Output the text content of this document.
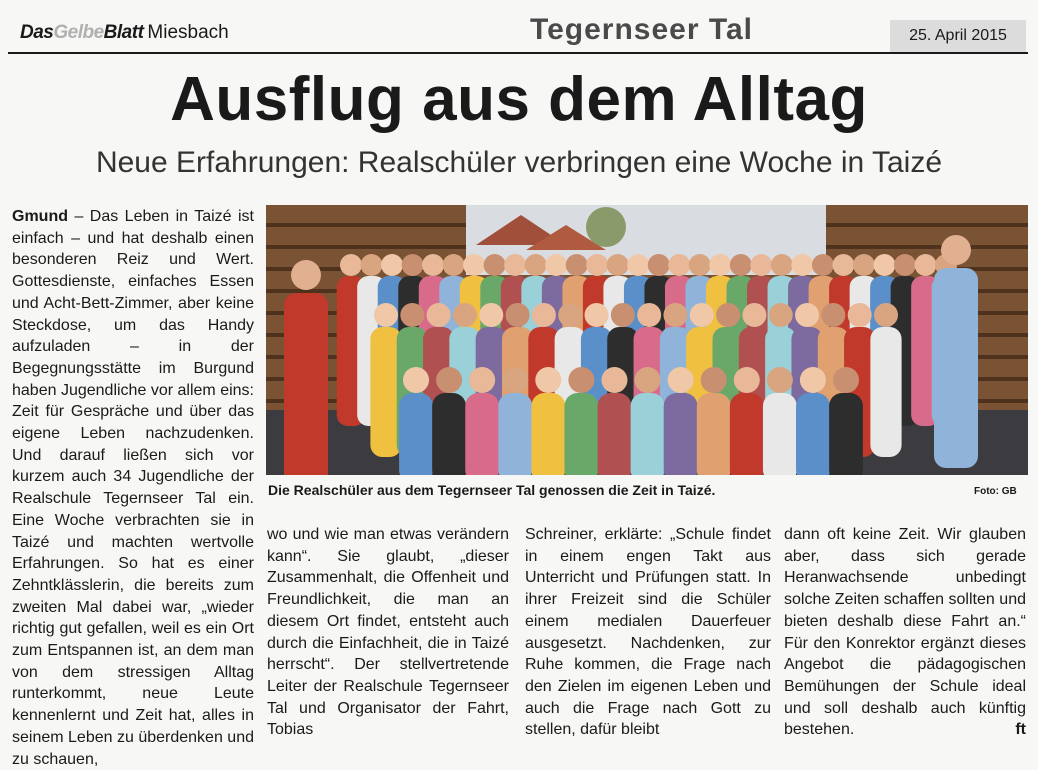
DasGelbeBlatt Miesbach	Tegernseer Tal	25. April 2015
Ausflug aus dem Alltag
Neue Erfahrungen: Realschüler verbringen eine Woche in Taizé
Gmund – Das Leben in Taizé ist einfach – und hat deshalb einen besonderen Reiz und Wert. Gottesdienste, einfaches Essen und Acht-Bett-Zimmer, aber keine Steckdose, um das Handy aufzuladen – in der Begegnungsstätte im Burgund haben Jugendliche vor allem eins: Zeit für Gespräche und über das eigene Leben nachzudenken. Und darauf ließen sich vor kurzem auch 34 Jugendliche der Realschule Tegernseer Tal ein. Eine Woche verbrachten sie in Taizé und machten wertvolle Erfahrungen. So hat es einer Zehntklässlerin, die bereits zum zweiten Mal dabei war, „wieder richtig gut gefallen, weil es ein Ort zum Entspannen ist, an dem man von dem stressigen Alltag runterkommt, neue Leute kennenlernt und Zeit hat, alles in seinem Leben zu überdenken und zu schauen,
Die Realschüler aus dem Tegernseer Tal genossen die Zeit in Taizé.	Foto: GB
wo und wie man etwas verändern kann“. Sie glaubt, „dieser Zusammenhalt, die Offenheit und Freundlichkeit, die man an diesem Ort findet, entsteht auch durch die Einfachheit, die in Taizé herrscht“. Der stellvertretende Leiter der Realschule Tegernseer Tal und Organisator der Fahrt, Tobias
Schreiner, erklärte: „Schule findet in einem engen Takt aus Unterricht und Prüfungen statt. In ihrer Freizeit sind die Schüler einem medialen Dauerfeuer ausgesetzt. Nachdenken, zur Ruhe kommen, die Frage nach den Zielen im eigenen Leben und auch die Frage nach Gott zu stellen, dafür bleibt
dann oft keine Zeit. Wir glauben aber, dass sich gerade Heranwachsende unbedingt solche Zeiten schaffen sollten und bieten deshalb diese Fahrt an.“ Für den Konrektor ergänzt dieses Angebot die pädagogischen Bemühungen der Schule ideal und soll deshalb auch künftig bestehen.	ft
